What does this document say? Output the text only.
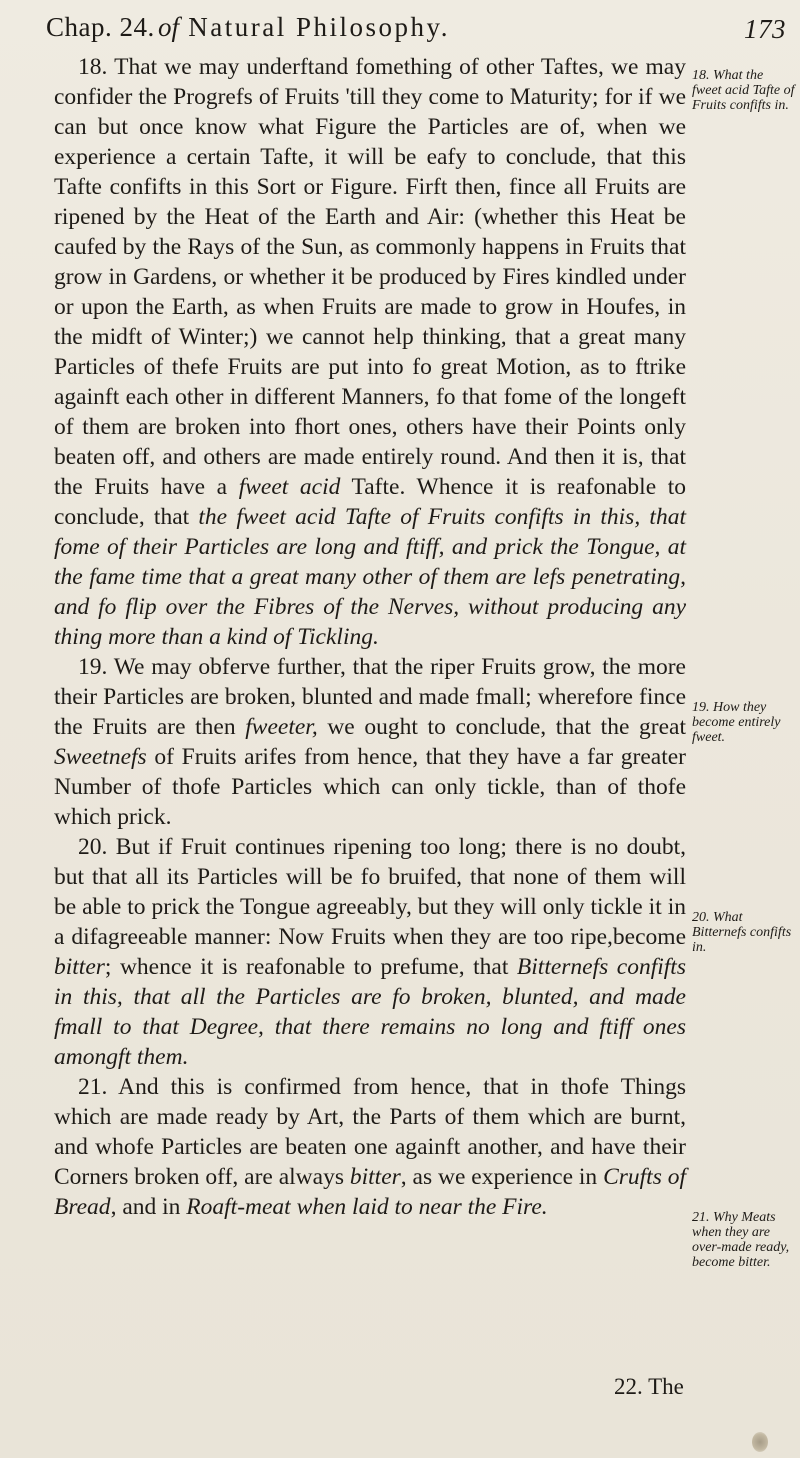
Chap. 24. of Natural Philosophy.	173

18. That we may underftand fomething of other Taftes, we may confider the Progrefs of Fruits 'till they come to Maturity; for if we can but once know what Figure the Particles are of, when we experience a certain Tafte, it will be eafy to conclude, that this Tafte confifts in this Sort or Figure. Firft then, fince all Fruits are ripened by the Heat of the Earth and Air: (whether this Heat be caufed by the Rays of the Sun, as commonly happens in Fruits that grow in Gardens, or whether it be produced by Fires kindled under or upon the Earth, as when Fruits are made to grow in Houfes, in the midft of Winter;) we cannot help thinking, that a great many Particles of thefe Fruits are put into fo great Motion, as to ftrike againft each other in different Manners, fo that fome of the longeft of them are broken into fhort ones, others have their Points only beaten off, and others are made entirely round. And then it is, that the Fruits have a fweet acid Tafte. Whence it is reafonable to conclude, that the fweet acid Tafte of Fruits confifts in this, that fome of their Particles are long and ftiff, and prick the Tongue, at the fame time that a great many other of them are lefs penetrating, and fo flip over the Fibres of the Nerves, without producing any thing more than a kind of Tickling.

19. We may obferve further, that the riper Fruits grow, the more their Particles are broken, blunted and made fmall; wherefore fince the Fruits are then fweeter, we ought to conclude, that the great Sweetnefs of Fruits arifes from hence, that they have a far greater Number of thofe Particles which can only tickle, than of thofe which prick.

20. But if Fruit continues ripening too long; there is no doubt, but that all its Particles will be fo bruifed, that none of them will be able to prick the Tongue agreeably, but they will only tickle it in a difagreeable manner: Now Fruits when they are too ripe,become bitter; whence it is reafonable to prefume, that Bitternefs confifts in this, that all the Particles are fo broken, blunted, and made fmall to that Degree, that there remains no long and ftiff ones amongft them.

21. And this is confirmed from hence, that in thofe Things which are made ready by Art, the Parts of them which are burnt, and whofe Particles are beaten one againft another, and have their Corners broken off, are always bitter, as we experience in Crufts of Bread, and in Roaft-meat when laid to near the Fire.

18. What the fweet acid Tafte of Fruits confifts in.
19. How they become entirely fweet.
20. What Bitternefs confifts in.
21. Why Meats when they are over-made ready, become bitter.
22. The
